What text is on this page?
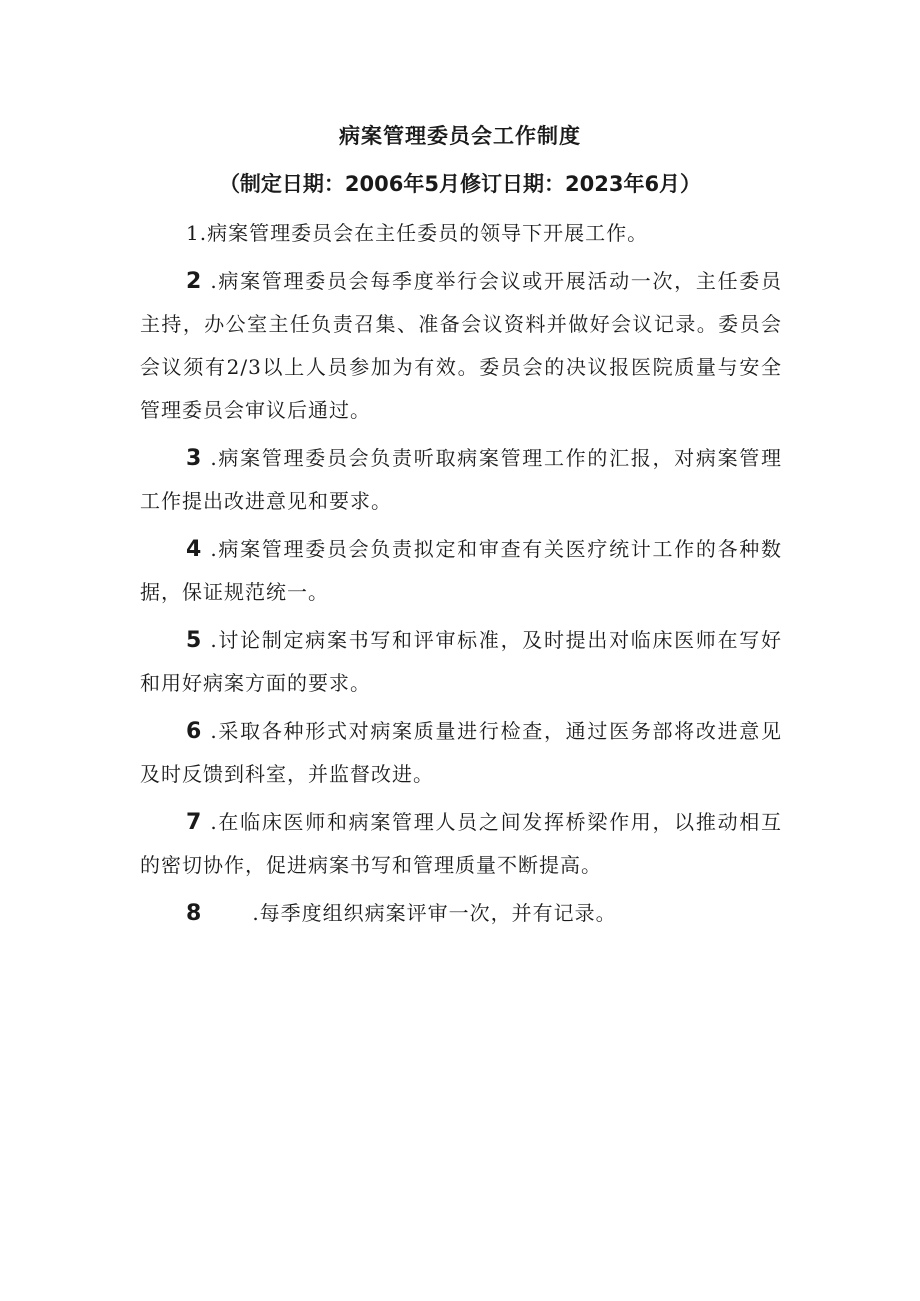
病案管理委员会工作制度
（制定日期：2006年5月修订日期：2023年6月）

1.病案管理委员会在主任委员的领导下开展工作。

2 .病案管理委员会每季度举行会议或开展活动一次，主任委员主持，办公室主任负责召集、准备会议资料并做好会议记录。委员会会议须有2/3以上人员参加为有效。委员会的决议报医院质量与安全管理委员会审议后通过。

3 .病案管理委员会负责听取病案管理工作的汇报，对病案管理工作提出改进意见和要求。

4 .病案管理委员会负责拟定和审查有关医疗统计工作的各种数据，保证规范统一。

5 .讨论制定病案书写和评审标准，及时提出对临床医师在写好和用好病案方面的要求。

6 .采取各种形式对病案质量进行检查，通过医务部将改进意见及时反馈到科室，并监督改进。

7 .在临床医师和病案管理人员之间发挥桥梁作用，以推动相互的密切协作，促进病案书写和管理质量不断提高。

8	.每季度组织病案评审一次，并有记录。
